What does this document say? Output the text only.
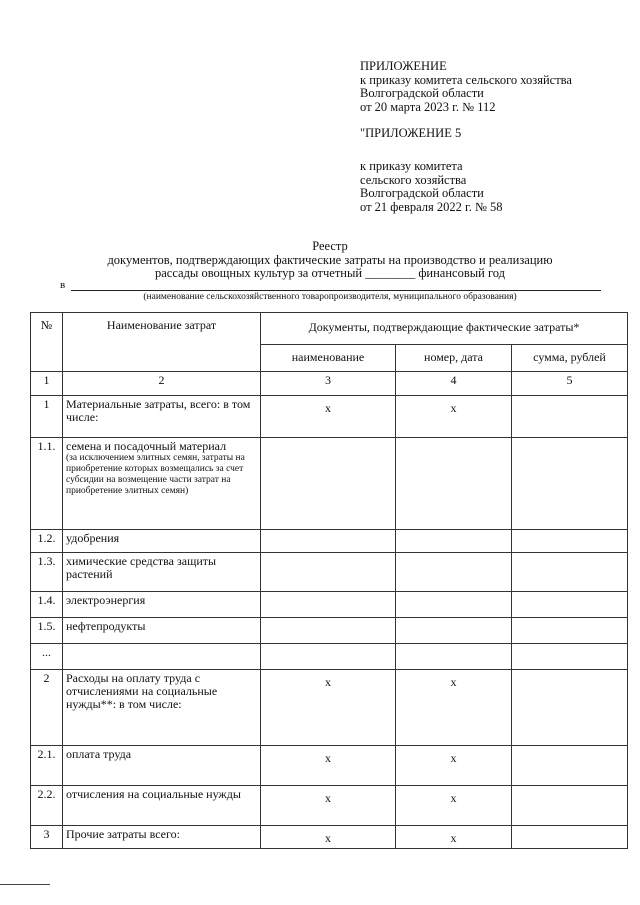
ПРИЛОЖЕНИЕ
к приказу комитета сельского хозяйства
Волгоградской области
от 20 марта 2023 г. № 112
"ПРИЛОЖЕНИЕ 5
к приказу комитета
сельского хозяйства
Волгоградской области
от 21 февраля 2022 г. № 58
Реестр
документов, подтверждающих фактические затраты на производство и реализацию
рассады овощных культур за отчетный ________ финансовый год
в
(наименование сельскохозяйственного товаропроизводителя, муниципального образования)
№	Наименование затрат	Документы, подтверждающие фактические затраты*		
		наименование	номер, дата	сумма, рублей
1	2	3	4	5
1	Материальные затраты, всего: в том числе:	х	х	
1.1.	семена и посадочный материал
(за исключением элитных семян, затраты на приобретение которых возмещались за счет субсидии на возмещение части затрат на приобретение элитных семян)			

1.2.	удобрения			

1.3.	химические средства защиты растений			

1.4.	электроэнергия			

1.5.	нефтепродукты			

...	

2	Расходы на оплату труда с отчислениями на социальные нужды**: в том числе:	х	х	
2.1.	оплата труда	х	х	
2.2.	отчисления на социальные нужды	х	х	
3	Прочие затраты всего:	х	х	
